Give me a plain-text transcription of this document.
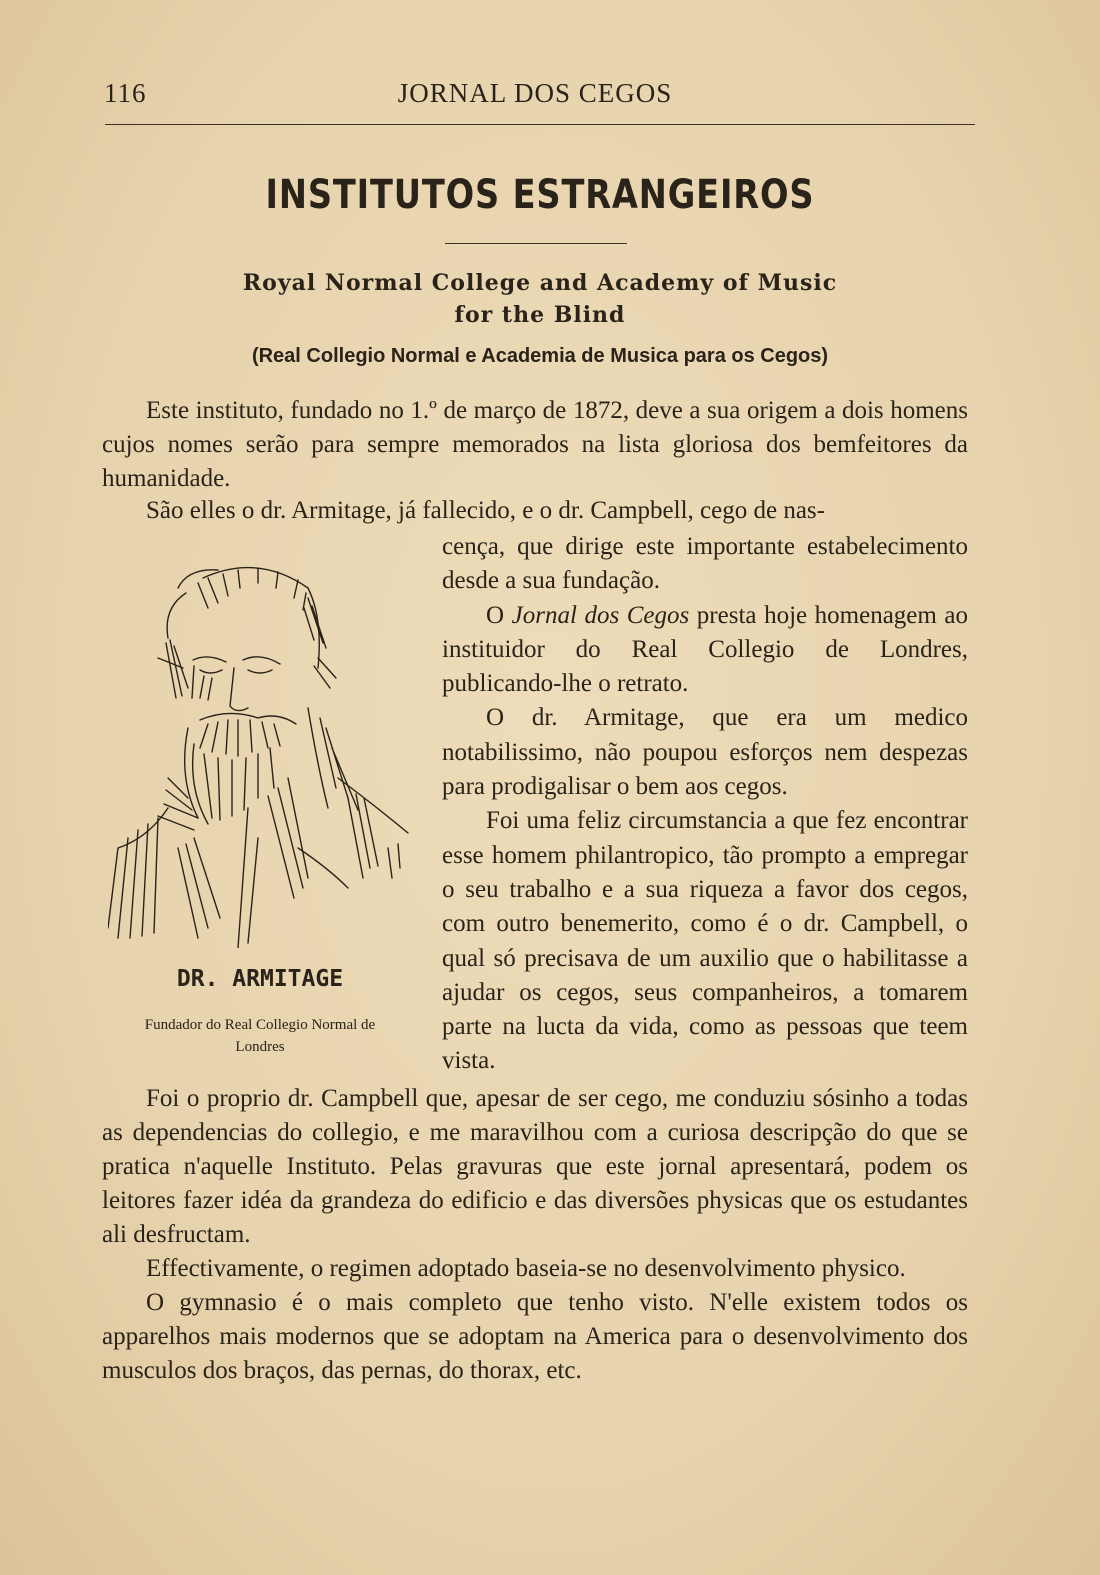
116	JORNAL DOS CEGOS
INSTITUTOS ESTRANGEIROS
Royal Normal College and Academy of Music
for the Blind
(Real Collegio Normal e Academia de Musica para os Cegos)

Este instituto, fundado no 1.º de março de 1872, deve a sua origem a dois homens cujos nomes serão para sempre memorados na lista gloriosa dos bemfeitores da humanidade.

São elles o dr. Armitage, já fallecido, e o dr. Campbell, cego de nas-
DR. ARMITAGE
Fundador do Real Collegio Normal de Londres

cença, que dirige este importante estabelecimento desde a sua fundação.

O Jornal dos Cegos presta hoje homenagem ao instituidor do Real Collegio de Londres, publicando-lhe o retrato.

O dr. Armitage, que era um medico notabilissimo, não poupou esforços nem despezas para prodigalisar o bem aos cegos.

Foi uma feliz circumstancia a que fez encontrar esse homem philantropico, tão prompto a empregar o seu trabalho e a sua riqueza a favor dos cegos, com outro benemerito, como é o dr. Campbell, o qual só precisava de um auxilio que o habilitasse a ajudar os cegos, seus companheiros, a tomarem parte na lucta da vida, como as pessoas que teem vista.

Foi o proprio dr. Campbell que, apesar de ser cego, me conduziu sósinho a todas as dependencias do collegio, e me maravilhou com a curiosa descripção do que se pratica n'aquelle Instituto. Pelas gravuras que este jornal apresentará, podem os leitores fazer idéa da grandeza do edificio e das diversões physicas que os estudantes ali desfructam.

Effectivamente, o regimen adoptado baseia-se no desenvolvimento physico.

O gymnasio é o mais completo que tenho visto. N'elle existem todos os apparelhos mais modernos que se adoptam na America para o desenvolvimento dos musculos dos braços, das pernas, do thorax, etc.
